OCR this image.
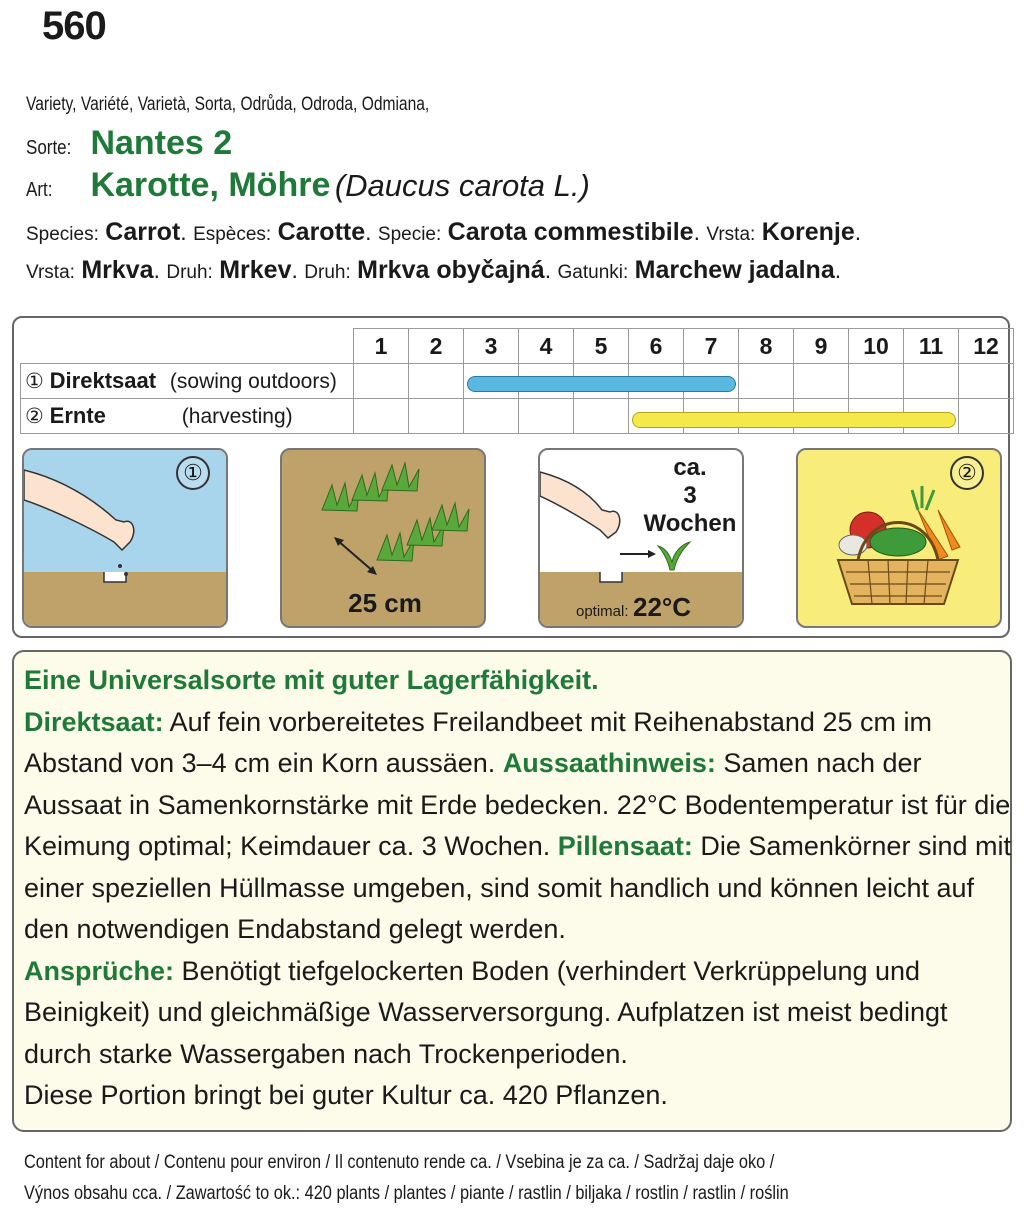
560
Variety, Variété, Varietà, Sorta, Odrůda, Odroda, Odmiana,
Sorte: Nantes 2
Art: Karotte, Möhre (Daucus carota L.)
Species: Carrot. Espèces: Carotte. Specie: Carota commestibile. Vrsta: Korenje.
Vrsta: Mrkva. Druh: Mrkev. Druh: Mrkva obyčajná. Gatunki: Marchew jadalna.
	1	2	3	4	5	6	7	8	9	10	11	12
① Direktsaat (sowing outdoors)												
② Ernte (harvesting)												
①
25 cm
ca.
3 Wochen
optimal: 22°C
②
Eine Universalsorte mit guter Lagerfähigkeit.
Direktsaat: Auf fein vorbereitetes Freilandbeet mit Reihenabstand 25 cm im Abstand von 3–4 cm ein Korn aussäen. Aussaathinweis: Samen nach der Aussaat in Samenkornstärke mit Erde bedecken. 22°C Bodentemperatur ist für die Keimung optimal; Keimdauer ca. 3 Wochen. Pillensaat: Die Samenkörner sind mit einer speziellen Hüllmasse umgeben, sind somit handlich und können leicht auf den notwendigen Endabstand gelegt werden.
Ansprüche: Benötigt tiefgelockerten Boden (verhindert Verkrüppelung und Beinigkeit) und gleichmäßige Wasserversorgung. Aufplatzen ist meist bedingt durch starke Wassergaben nach Trockenperioden.
Diese Portion bringt bei guter Kultur ca. 420 Pflanzen.
Content for about / Contenu pour environ / Il contenuto rende ca. / Vsebina je za ca. / Sadržaj daje oko /
Výnos obsahu cca. / Zawartość to ok.: 420 plants / plantes / piante / rastlin / biljaka / rostlin / rastlin / roślin
